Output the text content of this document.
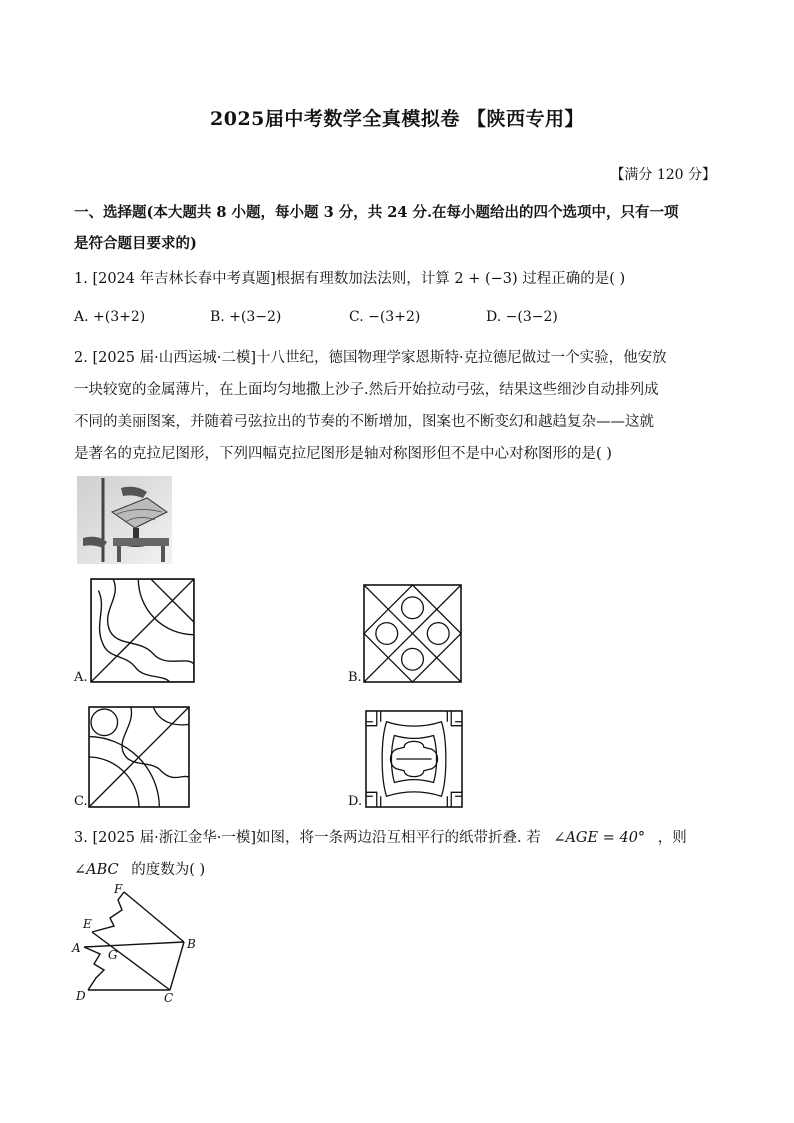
2025届中考数学全真模拟卷 【陕西专用】
【满分 120 分】
一、选择题(本大题共 8 小题，每小题 3 分，共 24 分.在每小题给出的四个选项中，只有一项
是符合题目要求的)
1. [2024 年吉林长春中考真题]根据有理数加法法则，计算 2 + (−3) 过程正确的是( )
A. +(3+2)	B. +(3−2)	C. −(3+2)	D. −(3−2)
2. [2025 届·山西运城·二模]十八世纪，德国物理学家恩斯特·克拉德尼做过一个实验，他安放
一块较宽的金属薄片，在上面均匀地撒上沙子.然后开始拉动弓弦，结果这些细沙自动排列成
不同的美丽图案，并随着弓弦拉出的节奏的不断增加，图案也不断变幻和越趋复杂——这就
是著名的克拉尼图形，下列四幅克拉尼图形是轴对称图形但不是中心对称图形的是( )
A.	B.
C.	D.
3. [2025 届·浙江金华·一模]如图，将一条两边沿互相平行的纸带折叠. 若 ∠AGE = 40° ，则
∠ABC 的度数为( )
F
E
A G
B
D	C
